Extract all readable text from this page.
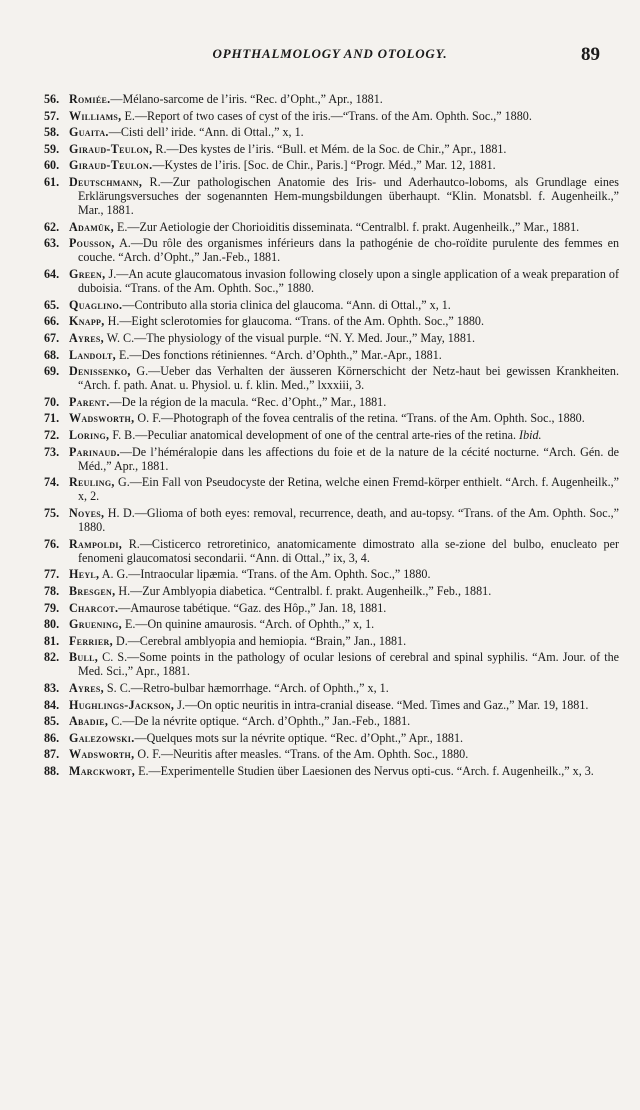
OPHTHALMOLOGY AND OTOLOGY.	89

56. Romiée.—Mélano-sarcome de l’iris. “Rec. d’Opht.,” Apr., 1881.

57. Williams, E.—Report of two cases of cyst of the iris.—“Trans. of the Am. Ophth. Soc.,” 1880.

58. Guaita.—Cisti dell’ iride. “Ann. di Ottal.,” x, 1.

59. Giraud-Teulon, R.—Des kystes de l’iris. “Bull. et Mém. de la Soc. de Chir.,” Apr., 1881.

60. Giraud-Teulon.—Kystes de l’iris. [Soc. de Chir., Paris.] “Progr. Méd.,” Mar. 12, 1881.

61. Deutschmann, R.—Zur pathologischen Anatomie des Iris- und Aderhautco-loboms, als Grundlage eines Erklärungsversuches der sogenannten Hem-mungsbildungen überhaupt. “Klin. Monatsbl. f. Augenheilk.,” Mar., 1881.

62. Adamük, E.—Zur Aetiologie der Chorioiditis disseminata. “Centralbl. f. prakt. Augenheilk.,” Mar., 1881.

63. Pousson, A.—Du rôle des organismes inférieurs dans la pathogénie de cho-roïdite purulente des femmes en couche. “Arch. d’Opht.,” Jan.-Feb., 1881.

64. Green, J.—An acute glaucomatous invasion following closely upon a single application of a weak preparation of duboisia. “Trans. of the Am. Ophth. Soc.,” 1880.

65. Quaglino.—Contributo alla storia clinica del glaucoma. “Ann. di Ottal.,” x, 1.

66. Knapp, H.—Eight sclerotomies for glaucoma. “Trans. of the Am. Ophth. Soc.,” 1880.

67. Ayres, W. C.—The physiology of the visual purple. “N. Y. Med. Jour.,” May, 1881.

68. Landolt, E.—Des fonctions rétiniennes. “Arch. d’Ophth.,” Mar.-Apr., 1881.

69. Denissenko, G.—Ueber das Verhalten der äusseren Körnerschicht der Netz-haut bei gewissen Krankheiten. “Arch. f. path. Anat. u. Physiol. u. f. klin. Med.,” lxxxiii, 3.

70. Parent.—De la région de la macula. “Rec. d’Opht.,” Mar., 1881.

71. Wadsworth, O. F.—Photograph of the fovea centralis of the retina. “Trans. of the Am. Ophth. Soc., 1880.

72. Loring, F. B.—Peculiar anatomical development of one of the central arte-ries of the retina. Ibid.

73. Parinaud.—De l’héméralopie dans les affections du foie et de la nature de la cécité nocturne. “Arch. Gén. de Méd.,” Apr., 1881.

74. Reuling, G.—Ein Fall von Pseudocyste der Retina, welche einen Fremd-körper enthielt. “Arch. f. Augenheilk.,” x, 2.

75. Noyes, H. D.—Glioma of both eyes: removal, recurrence, death, and au-topsy. “Trans. of the Am. Ophth. Soc.,” 1880.

76. Rampoldi, R.—Cisticerco retroretinico, anatomicamente dimostrato alla se-zione del bulbo, enucleato per fenomeni glaucomatosi secondarii. “Ann. di Ottal.,” ix, 3, 4.

77. Heyl, A. G.—Intraocular lipæmia. “Trans. of the Am. Ophth. Soc.,” 1880.

78. Bresgen, H.—Zur Amblyopia diabetica. “Centralbl. f. prakt. Augenheilk.,” Feb., 1881.

79. Charcot.—Amaurose tabétique. “Gaz. des Hôp.,” Jan. 18, 1881.

80. Gruening, E.—On quinine amaurosis. “Arch. of Ophth.,” x, 1.

81. Ferrier, D.—Cerebral amblyopia and hemiopia. “Brain,” Jan., 1881.

82. Bull, C. S.—Some points in the pathology of ocular lesions of cerebral and spinal syphilis. “Am. Jour. of the Med. Sci.,” Apr., 1881.

83. Ayres, S. C.—Retro-bulbar hæmorrhage. “Arch. of Ophth.,” x, 1.

84. Hughlings-Jackson, J.—On optic neuritis in intra-cranial disease. “Med. Times and Gaz.,” Mar. 19, 1881.

85. Abadie, C.—De la névrite optique. “Arch. d’Ophth.,” Jan.-Feb., 1881.

86. Galezowski.—Quelques mots sur la névrite optique. “Rec. d’Opht.,” Apr., 1881.

87. Wadsworth, O. F.—Neuritis after measles. “Trans. of the Am. Ophth. Soc., 1880.

88. Marckwort, E.—Experimentelle Studien über Laesionen des Nervus opti-cus. “Arch. f. Augenheilk.,” x, 3.
